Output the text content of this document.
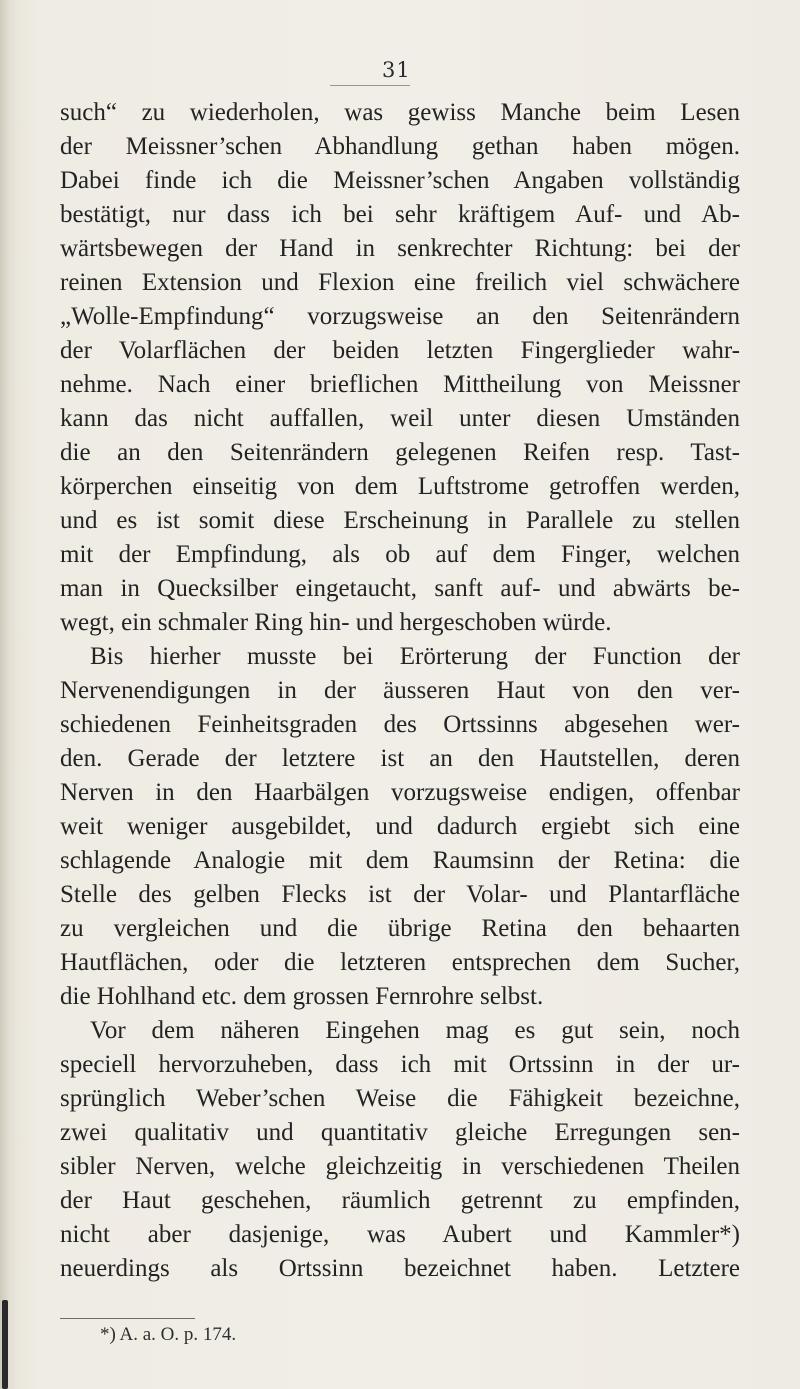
31
such“ zu wiederholen, was gewiss Manche beim Lesen
der Meissner’schen Abhandlung gethan haben mögen.
Dabei finde ich die Meissner’schen Angaben vollständig
bestätigt, nur dass ich bei sehr kräftigem Auf- und Ab-
wärtsbewegen der Hand in senkrechter Richtung: bei der
reinen Extension und Flexion eine freilich viel schwächere
„Wolle-Empfindung“ vorzugsweise an den Seitenrändern
der Volarflächen der beiden letzten Fingerglieder wahr-
nehme. Nach einer brieflichen Mittheilung von Meissner
kann das nicht auffallen, weil unter diesen Umständen
die an den Seitenrändern gelegenen Reifen resp. Tast-
körperchen einseitig von dem Luftstrome getroffen werden,
und es ist somit diese Erscheinung in Parallele zu stellen
mit der Empfindung, als ob auf dem Finger, welchen
man in Quecksilber eingetaucht, sanft auf- und abwärts be-
wegt, ein schmaler Ring hin- und hergeschoben würde.
Bis hierher musste bei Erörterung der Function der
Nervenendigungen in der äusseren Haut von den ver-
schiedenen Feinheitsgraden des Ortssinns abgesehen wer-
den. Gerade der letztere ist an den Hautstellen, deren
Nerven in den Haarbälgen vorzugsweise endigen, offenbar
weit weniger ausgebildet, und dadurch ergiebt sich eine
schlagende Analogie mit dem Raumsinn der Retina: die
Stelle des gelben Flecks ist der Volar- und Plantarfläche
zu vergleichen und die übrige Retina den behaarten
Hautflächen, oder die letzteren entsprechen dem Sucher,
die Hohlhand etc. dem grossen Fernrohre selbst.
Vor dem näheren Eingehen mag es gut sein, noch
speciell hervorzuheben, dass ich mit Ortssinn in der ur-
sprünglich Weber’schen Weise die Fähigkeit bezeichne,
zwei qualitativ und quantitativ gleiche Erregungen sen-
sibler Nerven, welche gleichzeitig in verschiedenen Theilen
der Haut geschehen, räumlich getrennt zu empfinden,
nicht aber dasjenige, was Aubert und Kammler*)
neuerdings als Ortssinn bezeichnet haben. Letztere
*) A. a. O. p. 174.
